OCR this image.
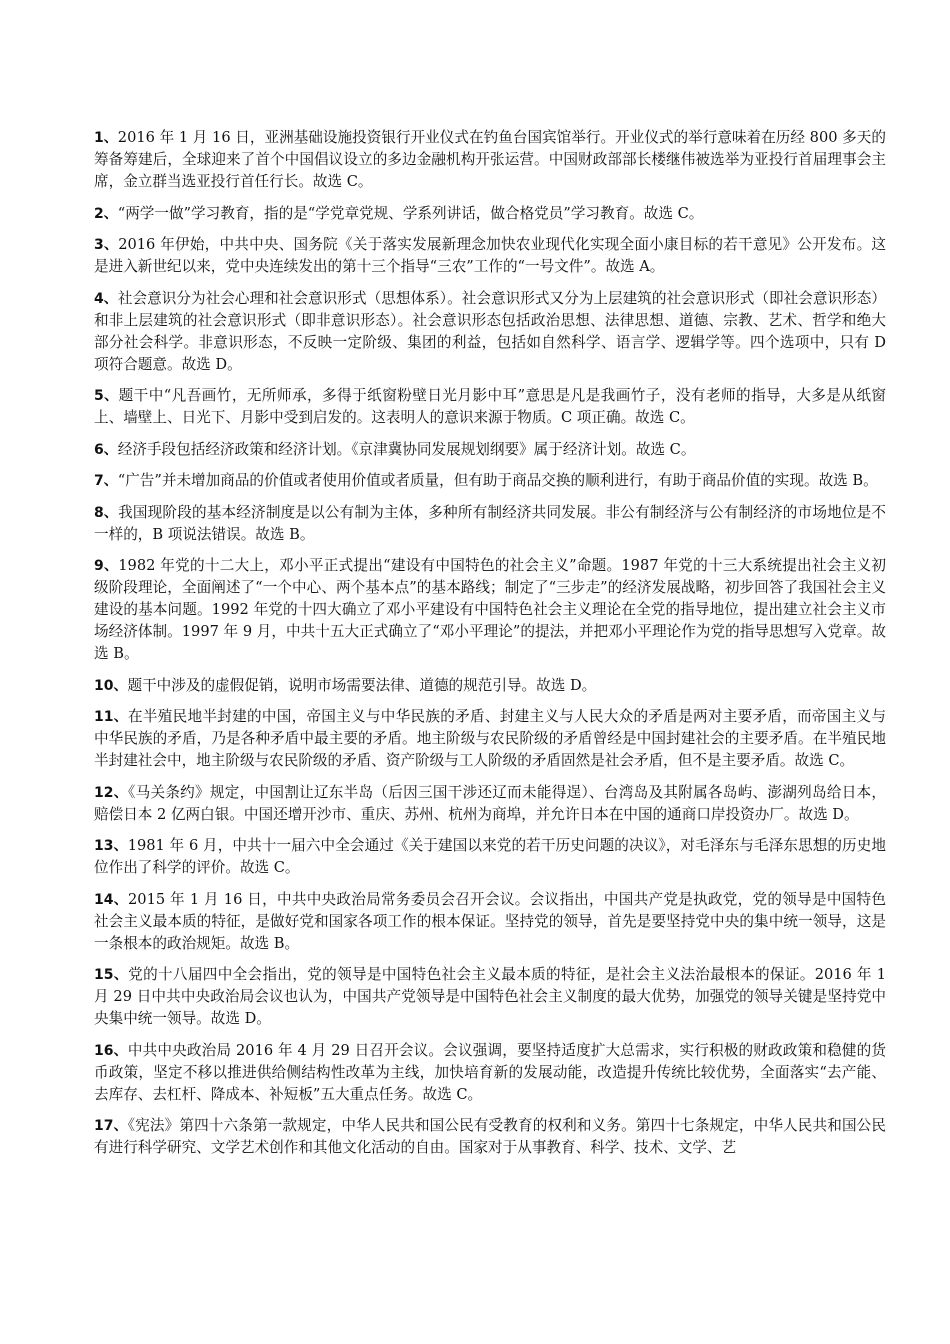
1、2016 年 1 月 16 日，亚洲基础设施投资银行开业仪式在钓鱼台国宾馆举行。开业仪式的举行意味着在历经 800 多天的筹备筹建后，全球迎来了首个中国倡议设立的多边金融机构开张运营。中国财政部部长楼继伟被选举为亚投行首届理事会主席，金立群当选亚投行首任行长。故选 C。

2、“两学一做”学习教育，指的是“学党章党规、学系列讲话，做合格党员”学习教育。故选 C。

3、2016 年伊始，中共中央、国务院《关于落实发展新理念加快农业现代化实现全面小康目标的若干意见》公开发布。这是进入新世纪以来，党中央连续发出的第十三个指导“三农”工作的“一号文件”。故选 A。

4、社会意识分为社会心理和社会意识形式（思想体系）。社会意识形式又分为上层建筑的社会意识形式（即社会意识形态）和非上层建筑的社会意识形式（即非意识形态）。社会意识形态包括政治思想、法律思想、道德、宗教、艺术、哲学和绝大部分社会科学。非意识形态，不反映一定阶级、集团的利益，包括如自然科学、语言学、逻辑学等。四个选项中，只有 D 项符合题意。故选 D。

5、题干中“凡吾画竹，无所师承，多得于纸窗粉壁日光月影中耳”意思是凡是我画竹子，没有老师的指导，大多是从纸窗上、墙壁上、日光下、月影中受到启发的。这表明人的意识来源于物质。C 项正确。故选 C。

6、经济手段包括经济政策和经济计划。《京津冀协同发展规划纲要》属于经济计划。故选 C。

7、“广告”并未增加商品的价值或者使用价值或者质量，但有助于商品交换的顺利进行，有助于商品价值的实现。故选 B。

8、我国现阶段的基本经济制度是以公有制为主体，多种所有制经济共同发展。非公有制经济与公有制经济的市场地位是不一样的，B 项说法错误。故选 B。

9、1982 年党的十二大上，邓小平正式提出“建设有中国特色的社会主义”命题。1987 年党的十三大系统提出社会主义初级阶段理论，全面阐述了“一个中心、两个基本点”的基本路线；制定了“三步走”的经济发展战略，初步回答了我国社会主义建设的基本问题。1992 年党的十四大确立了邓小平建设有中国特色社会主义理论在全党的指导地位，提出建立社会主义市场经济体制。1997 年 9 月，中共十五大正式确立了“邓小平理论”的提法，并把邓小平理论作为党的指导思想写入党章。故选 B。

10、题干中涉及的虚假促销，说明市场需要法律、道德的规范引导。故选 D。

11、在半殖民地半封建的中国，帝国主义与中华民族的矛盾、封建主义与人民大众的矛盾是两对主要矛盾，而帝国主义与中华民族的矛盾，乃是各种矛盾中最主要的矛盾。地主阶级与农民阶级的矛盾曾经是中国封建社会的主要矛盾。在半殖民地半封建社会中，地主阶级与农民阶级的矛盾、资产阶级与工人阶级的矛盾固然是社会矛盾，但不是主要矛盾。故选 C。

12、《马关条约》规定，中国割让辽东半岛（后因三国干涉还辽而未能得逞）、台湾岛及其附属各岛屿、澎湖列岛给日本，赔偿日本 2 亿两白银。中国还增开沙市、重庆、苏州、杭州为商埠，并允许日本在中国的通商口岸投资办厂。故选 D。

13、1981 年 6 月，中共十一届六中全会通过《关于建国以来党的若干历史问题的决议》，对毛泽东与毛泽东思想的历史地位作出了科学的评价。故选 C。

14、2015 年 1 月 16 日，中共中央政治局常务委员会召开会议。会议指出，中国共产党是执政党，党的领导是中国特色社会主义最本质的特征，是做好党和国家各项工作的根本保证。坚持党的领导，首先是要坚持党中央的集中统一领导，这是一条根本的政治规矩。故选 B。

15、党的十八届四中全会指出，党的领导是中国特色社会主义最本质的特征，是社会主义法治最根本的保证。2016 年 1 月 29 日中共中央政治局会议也认为，中国共产党领导是中国特色社会主义制度的最大优势，加强党的领导关键是坚持党中央集中统一领导。故选 D。

16、中共中央政治局 2016 年 4 月 29 日召开会议。会议强调，要坚持适度扩大总需求，实行积极的财政政策和稳健的货币政策，坚定不移以推进供给侧结构性改革为主线，加快培育新的发展动能，改造提升传统比较优势，全面落实“去产能、去库存、去杠杆、降成本、补短板”五大重点任务。故选 C。

17、《宪法》第四十六条第一款规定，中华人民共和国公民有受教育的权利和义务。第四十七条规定，中华人民共和国公民有进行科学研究、文学艺术创作和其他文化活动的自由。国家对于从事教育、科学、技术、文学、艺
